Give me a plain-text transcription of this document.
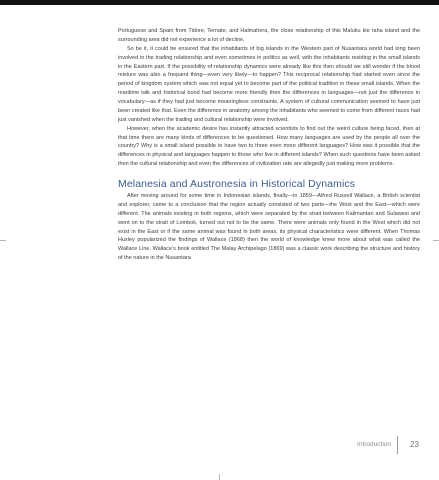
Portuguese and Spain from Tidore, Ternate, and Halmahera, the close relationship of this Maluku kie raha island and the surrounding area did not experience a lot of decline.

So be it, it could be ensured that the inhabitants of big islands in the Western part of Nusantara world had long been involved in the trading relationship and even sometimes in politics as well, with the inhabitants residing in the small islands in the Eastern part. If the possibility of relationship dynamics were already like this then should we still wonder if the blood mixture was also a frequent thing—even very likely—to happen? This reciprocal relationship had started even since the period of kingdom system which was not equal yet to become part of the political tradition in these small islands. When the maritime talk and historical bond had become more friendly then the differences in languages—not just the difference in vocabulary—as if they had just become meaningless constraints. A system of cultural communication seemed to have just been created like that. Even the difference in anatomy among the inhabitants who seemed to come from different races had just vanished when the trading and cultural relationship were involved.

However, when the academic desire has instantly attracted scientists to find out the weird culture being faced, then at that time there are many kinds of differences to be questioned. How many languages are used by the people all over the country? Why is a small island possible to have two to three even more different languages? How was it possible that the differences in physical and languages happen to those who live in different islands? When such questions have been asked then the cultural relationship and even the differences of civilization rate are allegedly just making more problems.

Melanesia and Austronesia in Historical Dynamics

After moving around for some time in Indonesian islands, finally—in 1859—Alfred Russell Wallace, a British scientist and explorer, came to a conclusion that the region actually consisted of two parts—the West and the East—which were different. The animals existing in both regions, which were separated by the strait between Kalimantan and Sulawesi and went on to the strait of Lombok, turned out not to be the same. There were animals only found in the West which did not exist in the East or if the same animal was found in both areas, its physical characteristics were different. When Thomas Huxley popularized the findings of Wallace (1868) then the world of knowledge knew more about what was called the Wallace Line. Wallace’s book entitled The Malay Archipelago (1869) was a classic work describing the structure and history of the nature in the Nusantara

Introduction 23
